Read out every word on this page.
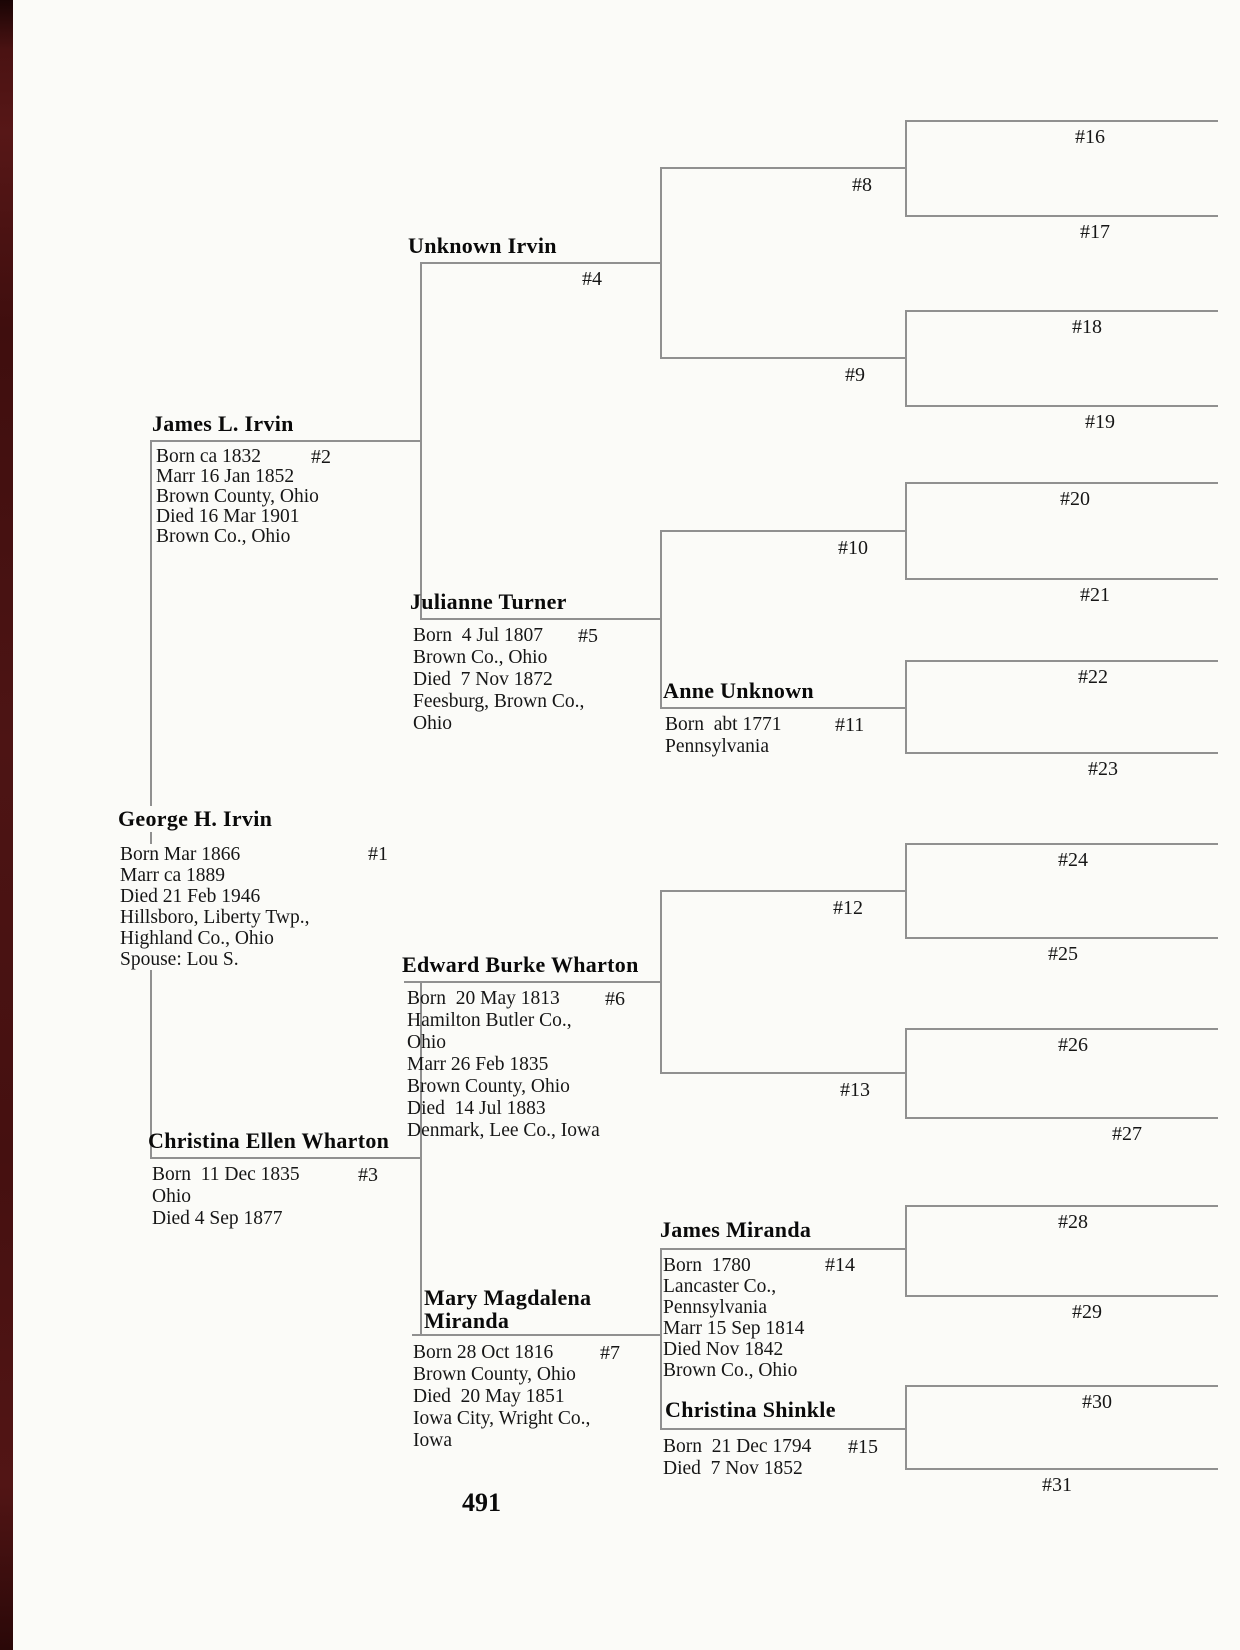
George H. Irvin
#1
Born Mar 1866
Marr ca 1889
Died 21 Feb 1946
Hillsboro, Liberty Twp.,
Highland Co., Ohio
Spouse: Lou S.
James L. Irvin
#2
Born ca 1832
Marr 16 Jan 1852
Brown County, Ohio
Died 16 Mar 1901
Brown Co., Ohio
Christina Ellen Wharton
#3
Born  11 Dec 1835
Ohio
Died 4 Sep 1877
Unknown Irvin
#4
Julianne Turner
#5
Born  4 Jul 1807
Brown Co., Ohio
Died  7 Nov 1872
Feesburg, Brown Co.,
Ohio
Edward Burke Wharton
#6
Born  20 May 1813
Hamilton Butler Co.,
Ohio
Marr 26 Feb 1835
Brown County, Ohio
Died  14 Jul 1883
Denmark, Lee Co., Iowa
Mary Magdalena Miranda
#7
Born 28 Oct 1816
Brown County, Ohio
Died  20 May 1851
Iowa City, Wright Co.,
Iowa
#8
#9
#10
#12
#13
Anne Unknown
#11
Born  abt 1771
Pennsylvania
James Miranda
#14
Born  1780
Lancaster Co.,
Pennsylvania
Marr 15 Sep 1814
Died Nov 1842
Brown Co., Ohio
Christina Shinkle
#15
Born  21 Dec 1794
Died  7 Nov 1852
#16
#17
#18
#19
#20
#21
#22
#23
#24
#25
#26
#27
#28
#29
#30
#31
491
